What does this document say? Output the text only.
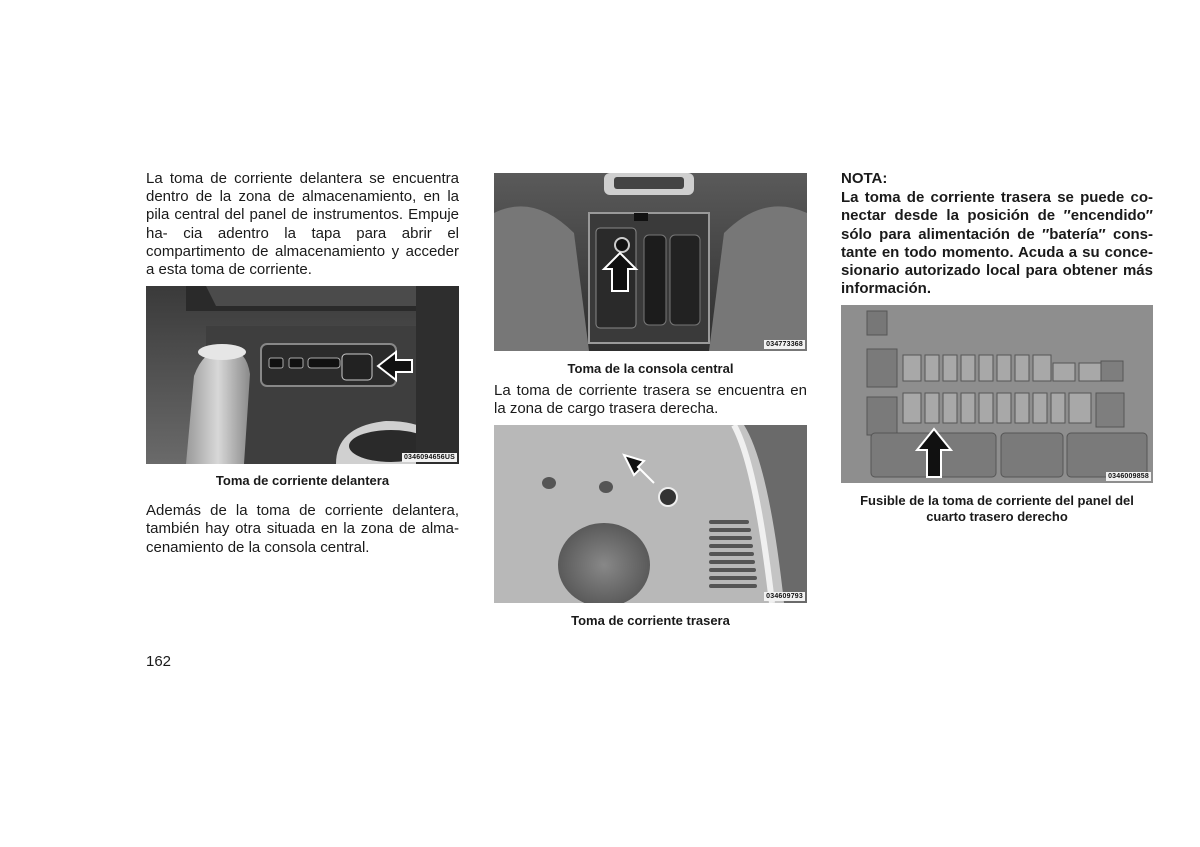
La toma de corriente delantera se encuentra dentro de la zona de almacenamiento, en la pila central del panel de instrumentos. Empuje ha- cia adentro la tapa para abrir el compartimento de almacenamiento y acceder a esta toma de corriente.

0346094656US
Toma de corriente delantera

Además de la toma de corriente delantera, también hay otra situada en la zona de alma- cenamiento de la consola central.

034773368
Toma de la consola central

La toma de corriente trasera se encuentra en la zona de cargo trasera derecha.

034609793
Toma de corriente trasera

NOTA:

La toma de corriente trasera se puede co- nectar desde la posición de ″encendido″ sólo para alimentación de ″batería″ cons- tante en todo momento. Acuda a su conce- sionario autorizado local para obtener más información.

0346009858
Fusible de la toma de corriente del panel del cuarto trasero derecho
162
